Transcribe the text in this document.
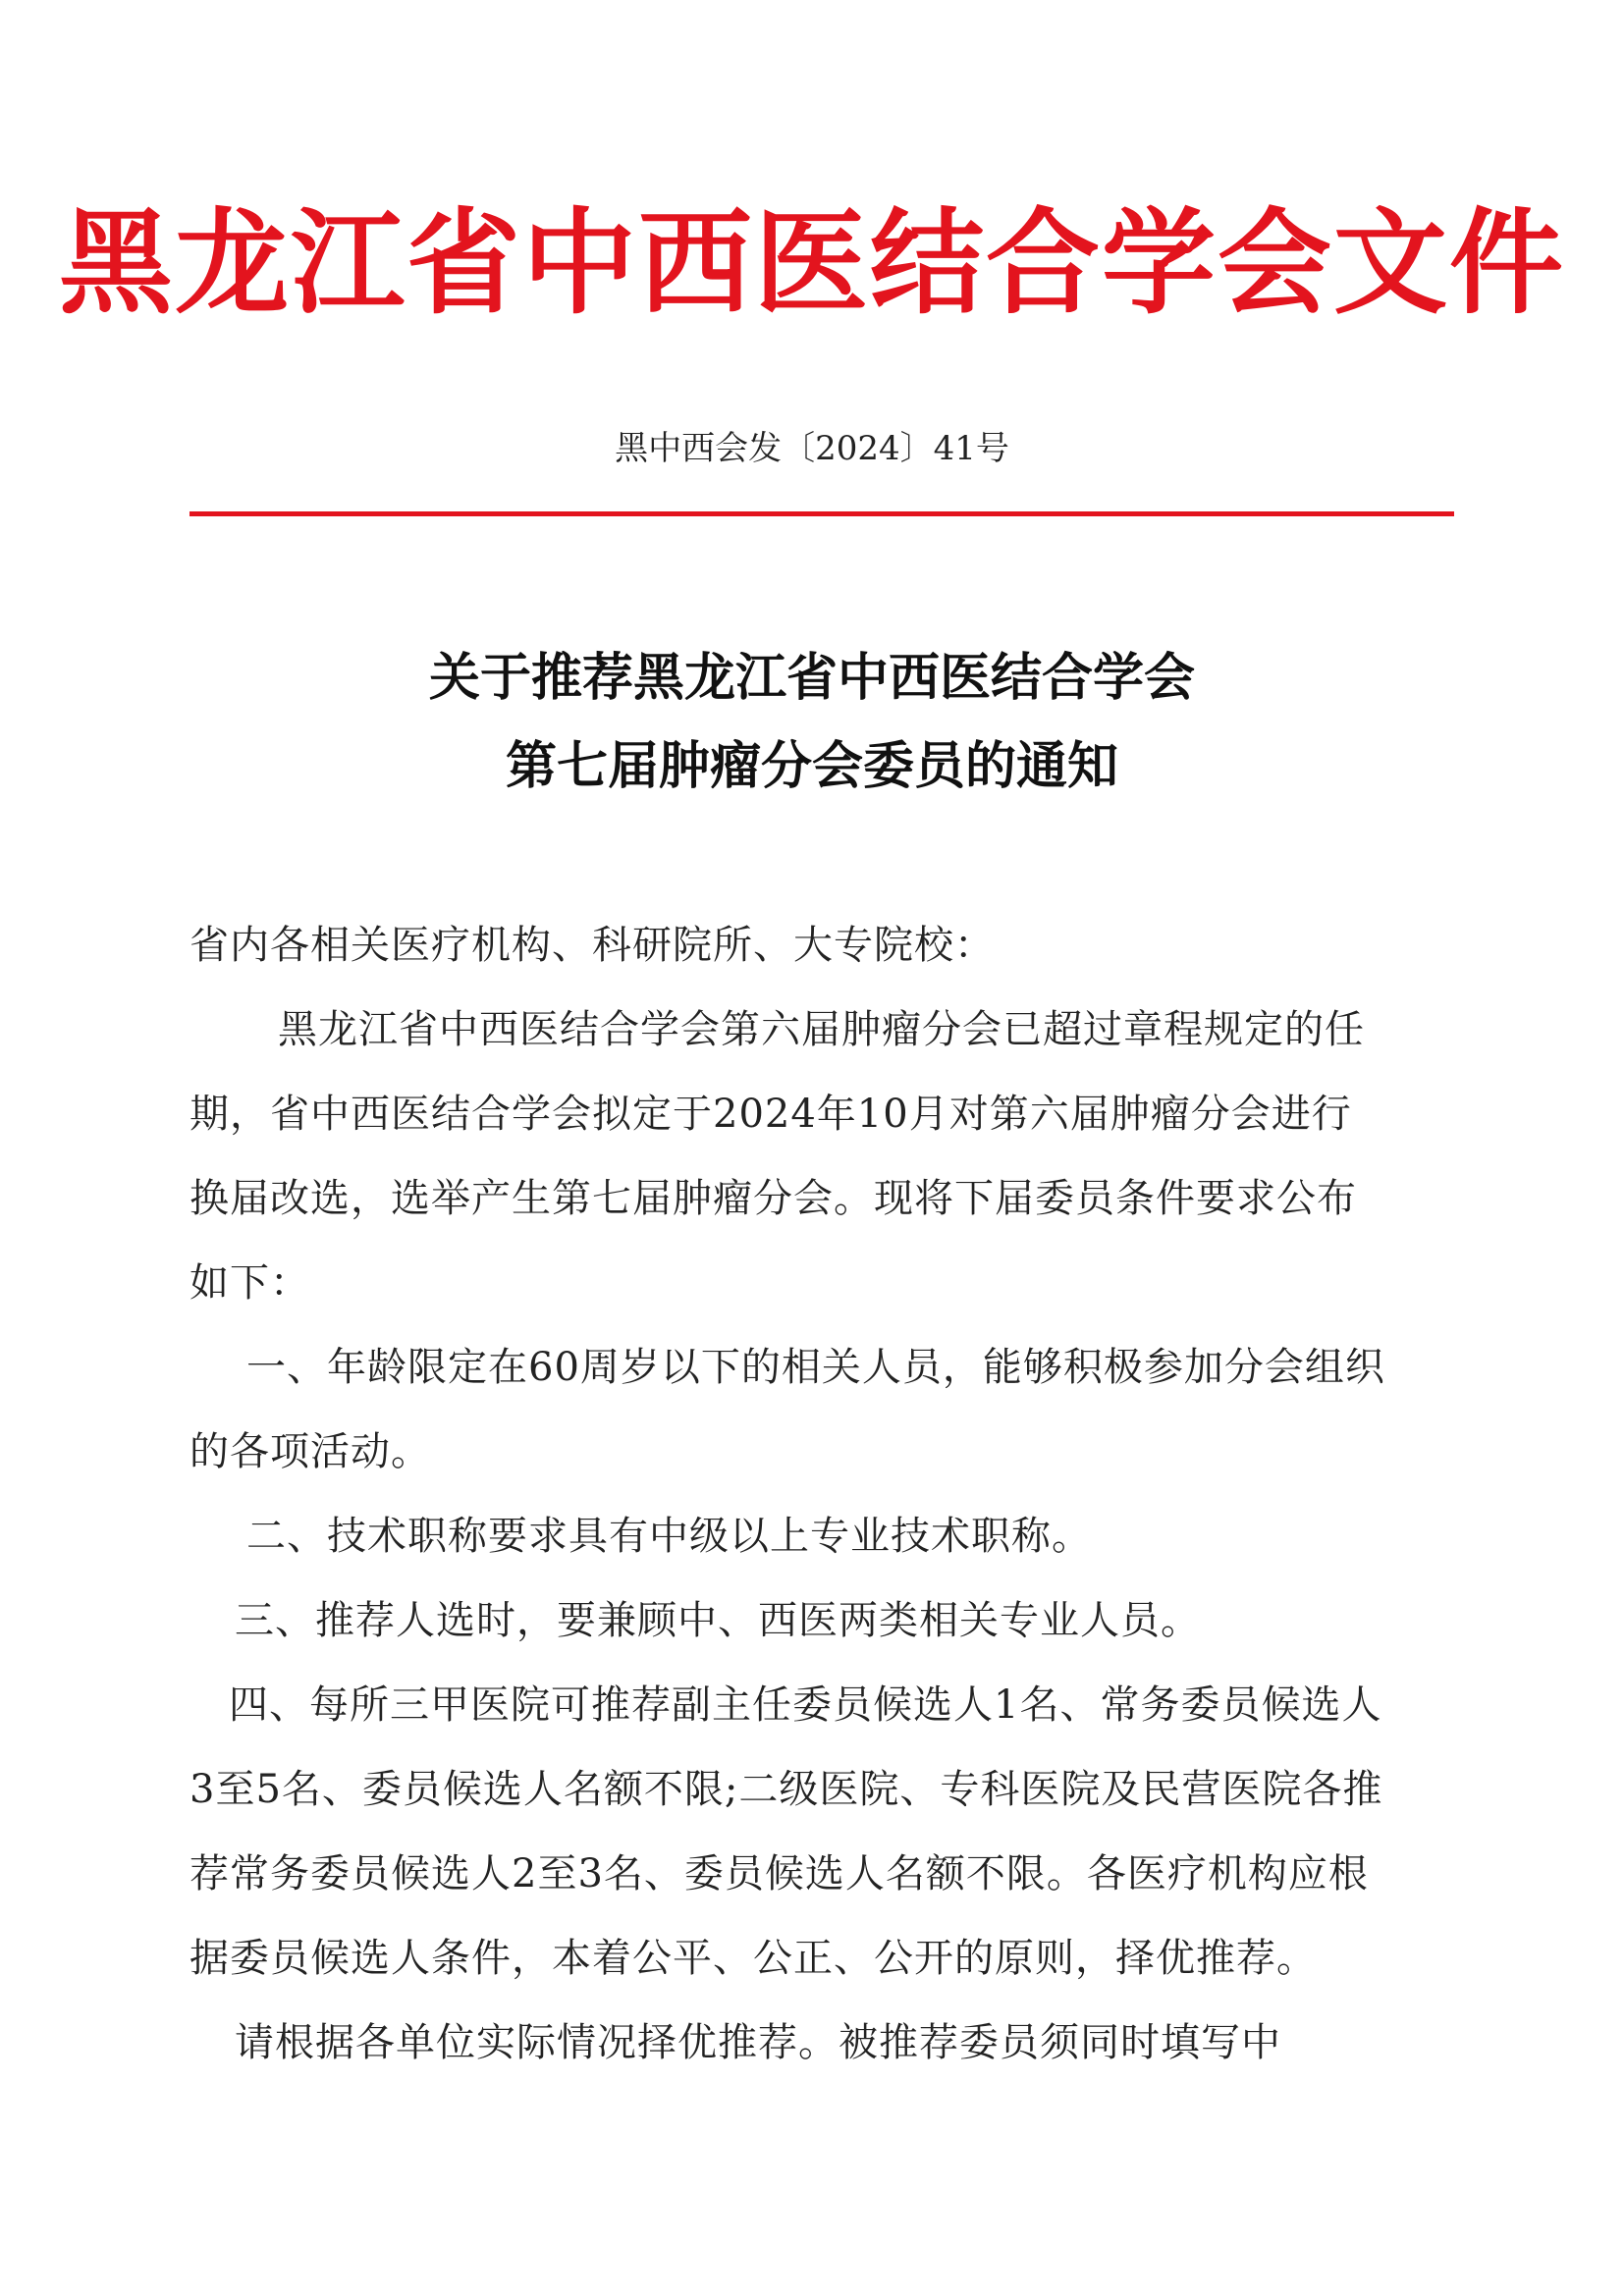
黑龙江省中西医结合学会文件
黑中西会发〔2024〕41号
关于推荐黑龙江省中西医结合学会
第七届肿瘤分会委员的通知

省内各相关医疗机构、科研院所、大专院校：

黑龙江省中西医结合学会第六届肿瘤分会已超过章程规定的任期，省中西医结合学会拟定于2024年10月对第六届肿瘤分会进行换届改选，选举产生第七届肿瘤分会。现将下届委员条件要求公布如下：

一、年龄限定在60周岁以下的相关人员，能够积极参加分会组织的各项活动。

二、技术职称要求具有中级以上专业技术职称。

三、推荐人选时，要兼顾中、西医两类相关专业人员。

四、每所三甲医院可推荐副主任委员候选人1名、常务委员候选人3至5名、委员候选人名额不限;二级医院、专科医院及民营医院各推荐常务委员候选人2至3名、委员候选人名额不限。各医疗机构应根据委员候选人条件，本着公平、公正、公开的原则，择优推荐。

请根据各单位实际情况择优推荐。被推荐委员须同时填写中
